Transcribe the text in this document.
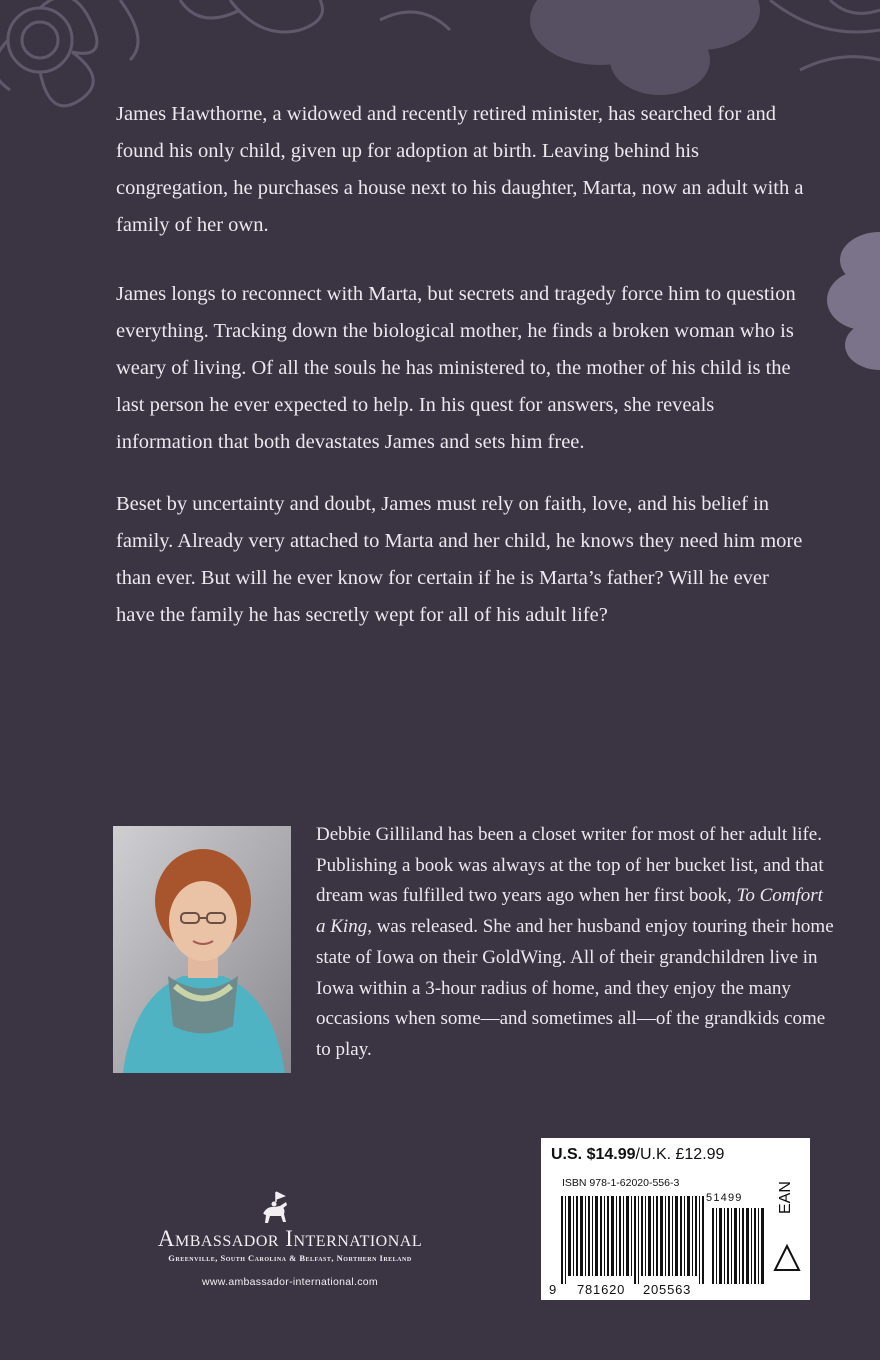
James Hawthorne, a widowed and recently retired minister, has searched for and found his only child, given up for adoption at birth. Leaving behind his congregation, he purchases a house next to his daughter, Marta, now an adult with a family of her own.

James longs to reconnect with Marta, but secrets and tragedy force him to question everything. Tracking down the biological mother, he finds a broken woman who is weary of living. Of all the souls he has ministered to, the mother of his child is the last person he ever expected to help. In his quest for answers, she reveals information that both devastates James and sets him free.

Beset by uncertainty and doubt, James must rely on faith, love, and his belief in family. Already very attached to Marta and her child, he knows they need him more than ever. But will he ever know for certain if he is Marta’s father? Will he ever have the family he has secretly wept for all of his adult life?

Debbie Gilliland has been a closet writer for most of her adult life. Publishing a book was always at the top of her bucket list, and that dream was fulfilled two years ago when her first book, To Comfort a King, was released. She and her husband enjoy touring their home state of Iowa on their GoldWing. All of their grandchildren live in Iowa within a 3-hour radius of home, and they enjoy the many occasions when some—and sometimes all—of the grandkids come to play.

Ambassador International
Greenville, South Carolina & Belfast, Northern Ireland
www.ambassador-international.com
U.S. $14.99/U.K. £12.99
ISBN 978-1-62020-556-3
51499 EAN
9 781620 205563
